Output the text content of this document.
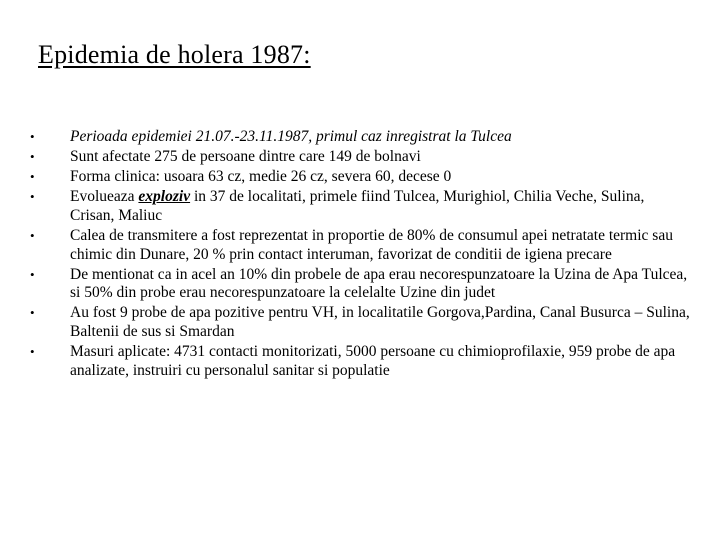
Epidemia de holera 1987:
•	Perioada epidemiei 21.07.-23.11.1987, primul caz inregistrat la Tulcea
•	Sunt afectate 275 de persoane dintre care 149 de bolnavi
•	Forma clinica: usoara 63 cz, medie 26 cz, severa 60, decese 0
•	Evolueaza exploziv in 37 de localitati, primele fiind Tulcea, Murighiol, Chilia Veche, Sulina, Crisan, Maliuc
•	Calea de transmitere a fost reprezentat in proportie de 80% de consumul apei netratate termic sau chimic din Dunare, 20 % prin contact interuman, favorizat de conditii de igiena precare
•	De mentionat ca in acel an 10% din probele de apa erau necorespunzatoare la Uzina de Apa Tulcea, si 50% din probe erau necorespunzatoare la celelalte Uzine din judet
•	Au fost 9 probe de apa pozitive pentru VH, in localitatile Gorgova,Pardina, Canal Busurca – Sulina, Baltenii de sus si Smardan
•	Masuri aplicate: 4731 contacti monitorizati, 5000 persoane cu chimioprofilaxie, 959 probe de apa analizate, instruiri cu personalul sanitar si populatie
